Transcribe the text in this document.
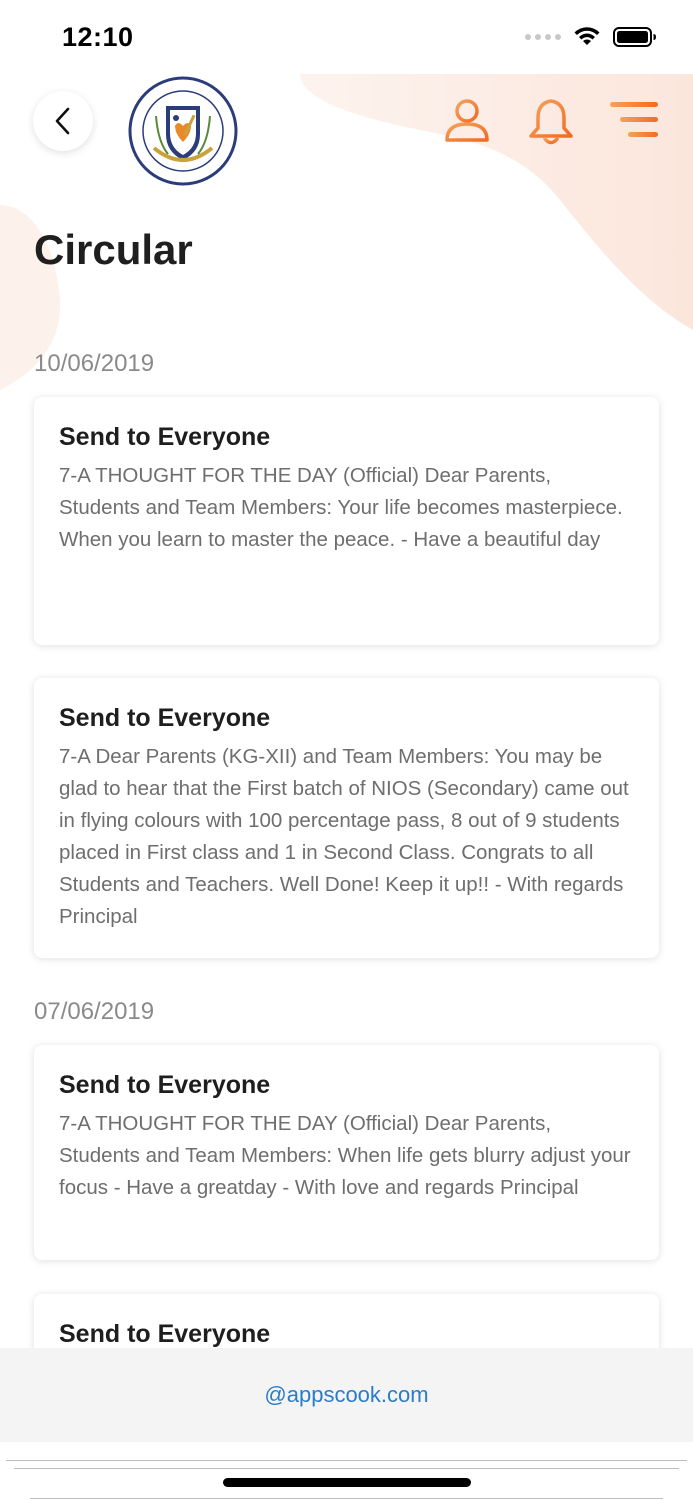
12:10
Circular
10/06/2019
Send to Everyone
7-A THOUGHT FOR THE DAY (Official) Dear Parents, Students and Team Members: Your life becomes masterpiece. When you learn to master the peace. - Have a beautiful day
Send to Everyone
7-A Dear Parents (KG-XII) and Team Members: You may be glad to hear that the First batch of NIOS (Secondary) came out in flying colours with 100 percentage pass, 8 out of 9 students placed in First class and 1 in Second Class. Congrats to all Students and Teachers. Well Done! Keep it up!! - With regards Principal
07/06/2019
Send to Everyone
7-A THOUGHT FOR THE DAY (Official) Dear Parents, Students and Team Members: When life gets blurry adjust your focus - Have a greatday - With love and regards Principal
Send to Everyone
@appscook.com
